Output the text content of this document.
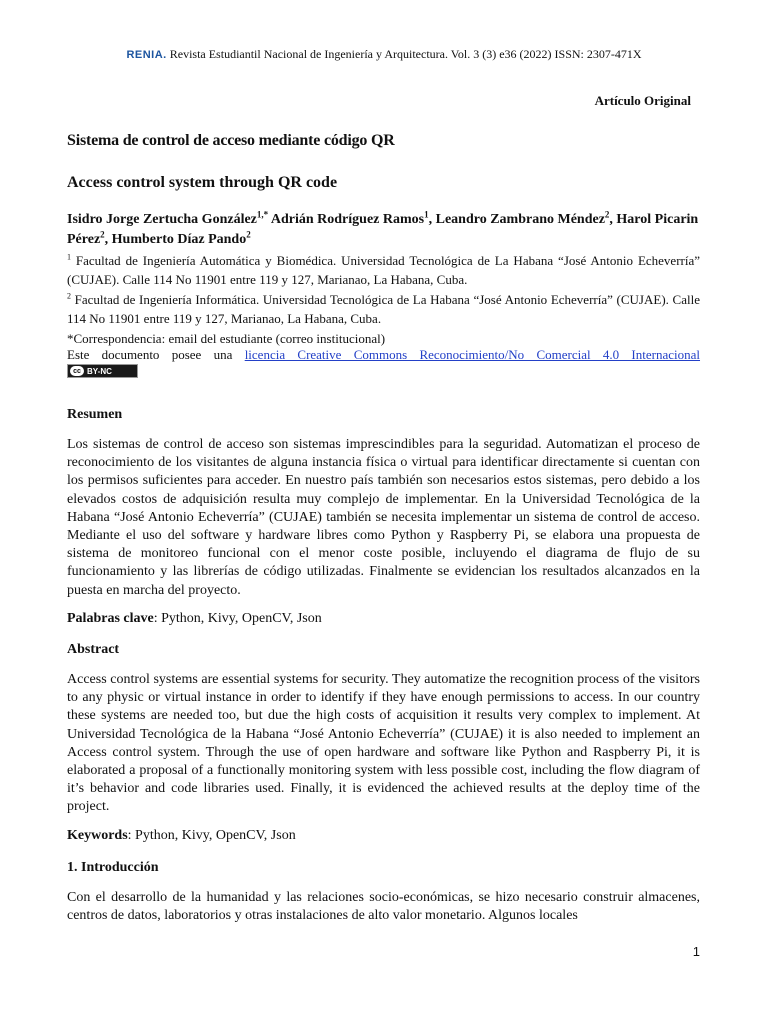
RENIA. Revista Estudiantil Nacional de Ingeniería y Arquitectura. Vol. 3 (3) e36 (2022) ISSN: 2307-471X
Artículo Original
Sistema de control de acceso mediante código QR
Access control system through QR code
Isidro Jorge Zertucha González$^{1,*}$ Adrián Rodríguez Ramos$^1$, Leandro Zambrano Méndez$^2$, Harol Picarin Pérez$^2$, Humberto Díaz Pando$^2$
$^1$ Facultad de Ingeniería Automática y Biomédica. Universidad Tecnológica de La Habana “José Antonio Echeverría” (CUJAE). Calle 114 No 11901 entre 119 y 127, Marianao, La Habana, Cuba.
$^2$ Facultad de Ingeniería Informática. Universidad Tecnológica de La Habana “José Antonio Echeverría” (CUJAE). Calle 114 No 11901 entre 119 y 127, Marianao, La Habana, Cuba.
*Correspondencia: email del estudiante (correo institucional)
Este documento posee una licencia Creative Commons Reconocimiento/No Comercial 4.0 Internacional
cc BY-NC
Resumen
Los sistemas de control de acceso son sistemas imprescindibles para la seguridad. Automatizan el proceso de reconocimiento de los visitantes de alguna instancia física o virtual para identificar directamente si cuentan con los permisos suficientes para acceder. En nuestro país también son necesarios estos sistemas, pero debido a los elevados costos de adquisición resulta muy complejo de implementar. En la Universidad Tecnológica de la Habana “José Antonio Echeverría” (CUJAE) también se necesita implementar un sistema de control de acceso. Mediante el uso del software y hardware libres como Python y Raspberry Pi, se elabora una propuesta de sistema de monitoreo funcional con el menor coste posible, incluyendo el diagrama de flujo de su funcionamiento y las librerías de código utilizadas. Finalmente se evidencian los resultados alcanzados en la puesta en marcha del proyecto.
Palabras clave: Python, Kivy, OpenCV, Json
Abstract
Access control systems are essential systems for security. They automatize the recognition process of the visitors to any physic or virtual instance in order to identify if they have enough permissions to access. In our country these systems are needed too, but due the high costs of acquisition it results very complex to implement. At Universidad Tecnológica de la Habana “José Antonio Echeverría” (CUJAE) it is also needed to implement an Access control system. Through the use of open hardware and software like Python and Raspberry Pi, it is elaborated a proposal of a functionally monitoring system with less possible cost, including the flow diagram of it’s behavior and code libraries used. Finally, it is evidenced the achieved results at the deploy time of the project.
Keywords: Python, Kivy, OpenCV, Json
1. Introducción
Con el desarrollo de la humanidad y las relaciones socio-económicas, se hizo necesario construir almacenes, centros de datos, laboratorios y otras instalaciones de alto valor monetario. Algunos locales
1
